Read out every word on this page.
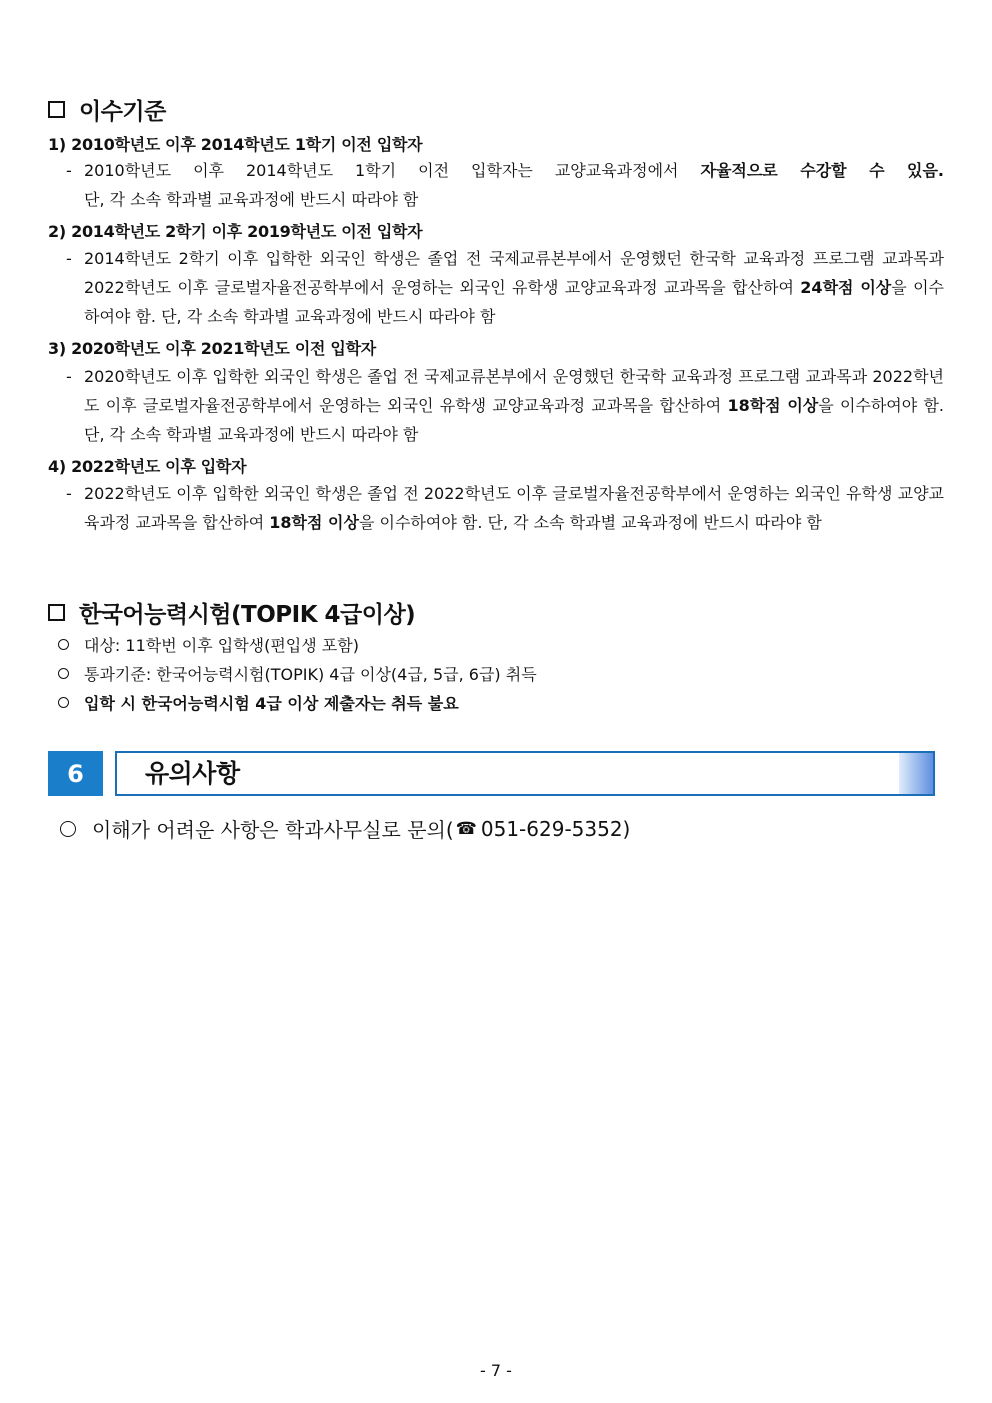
이수기준
1) 2010학년도 이후 2014학년도 1학기 이전 입학자
- 2010학년도 이후 2014학년도 1학기 이전 입학자는 교양교육과정에서 자율적으로 수강할 수 있음.
단, 각 소속 학과별 교육과정에 반드시 따라야 함
2) 2014학년도 2학기 이후 2019학년도 이전 입학자
- 2014학년도 2학기 이후 입학한 외국인 학생은 졸업 전 국제교류본부에서 운영했던 한국학 교육과정 프로그램 교과목과 2022학년도 이후 글로벌자율전공학부에서 운영하는 외국인 유학생 교양교육과정 교과목을 합산하여 24학점 이상을 이수하여야 함. 단, 각 소속 학과별 교육과정에 반드시 따라야 함
3) 2020학년도 이후 2021학년도 이전 입학자
- 2020학년도 이후 입학한 외국인 학생은 졸업 전 국제교류본부에서 운영했던 한국학 교육과정 프로그램 교과목과 2022학년도 이후 글로벌자율전공학부에서 운영하는 외국인 유학생 교양교육과정 교과목을 합산하여 18학점 이상을 이수하여야 함. 단, 각 소속 학과별 교육과정에 반드시 따라야 함
4) 2022학년도 이후 입학자
- 2022학년도 이후 입학한 외국인 학생은 졸업 전 2022학년도 이후 글로벌자율전공학부에서 운영하는 외국인 유학생 교양교육과정 교과목을 합산하여 18학점 이상을 이수하여야 함. 단, 각 소속 학과별 교육과정에 반드시 따라야 함
한국어능력시험(TOPIK 4급이상)
대상: 11학번 이후 입학생(편입생 포함)
통과기준: 한국어능력시험(TOPIK) 4급 이상(4급, 5급, 6급) 취득
입학 시 한국어능력시험 4급 이상 제출자는 취득 불요
6	유의사항
이해가 어려운 사항은 학과사무실로 문의( ☎ 051-629-5352)
- 7 -
